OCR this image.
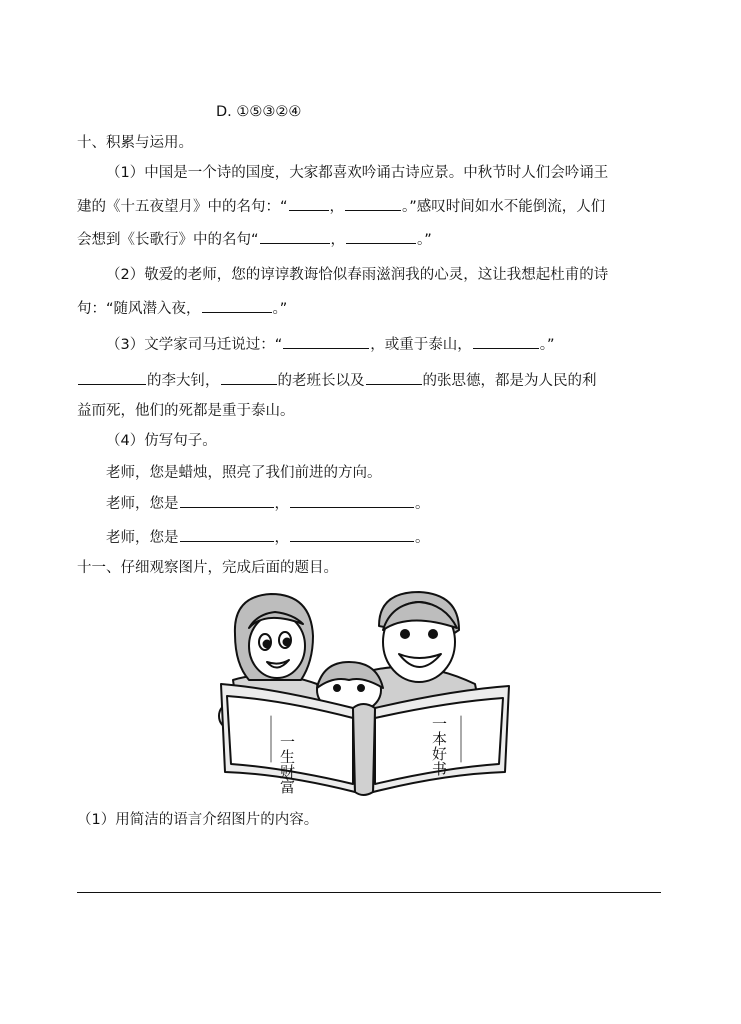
D. ①⑤③②④
十、积累与运用。
（1）中国是一个诗的国度，大家都喜欢吟诵古诗应景。中秋节时人们会吟诵王
建的《十五夜望月》中的名句：“	，	。”感叹时间如水不能倒流，人们
会想到《长歌行》中的名句“	，	。”
（2）敬爱的老师，您的谆谆教诲恰似春雨滋润我的心灵，这让我想起杜甫的诗
句：“随风潜入夜，	。”
（3）文学家司马迁说过：“	，或重于泰山，	。”
的李大钊，	的老班长以及	的张思德，都是为人民的利
益而死，他们的死都是重于泰山。
（4）仿写句子。
老师，您是蜡烛，照亮了我们前进的方向。
老师，您是	，	。
老师，您是	，	。
十一、仔细观察图片，完成后面的题目。
一生财富	一本好书
（1）用简洁的语言介绍图片的内容。
